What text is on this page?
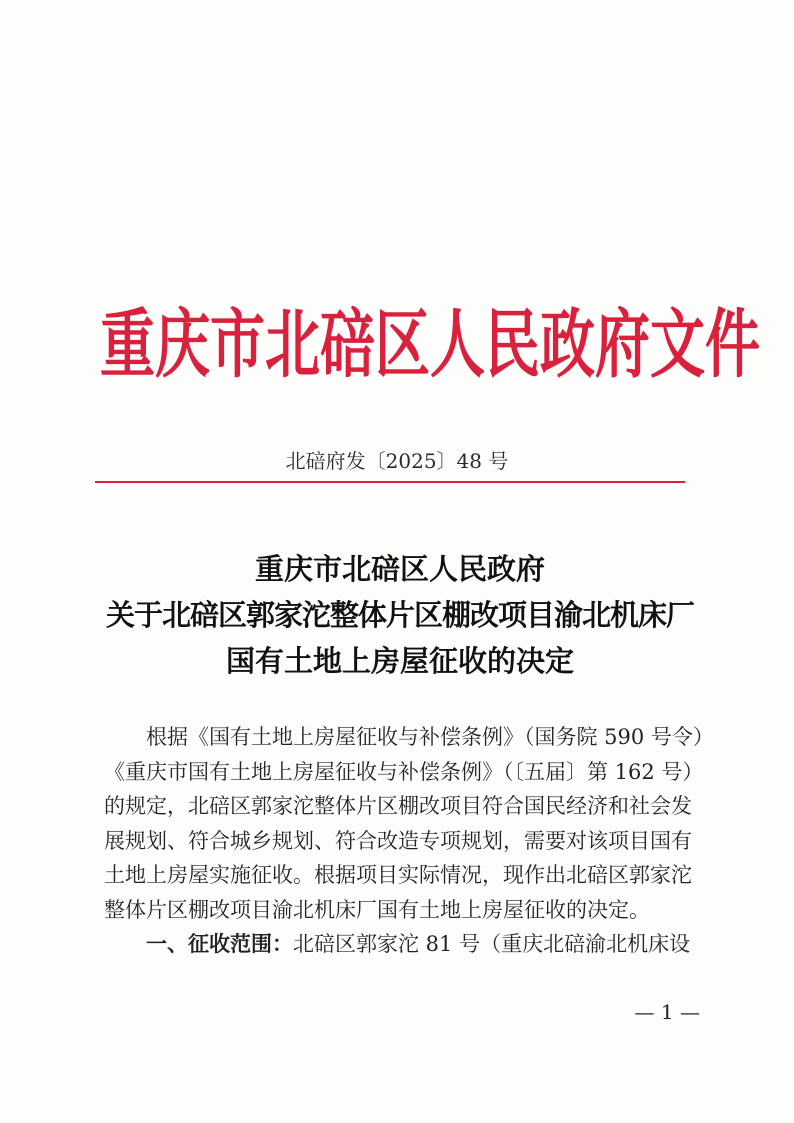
重庆市北碚区人民政府文件
北碚府发〔2025〕48 号
重庆市北碚区人民政府
关于北碚区郭家沱整体片区棚改项目渝北机床厂
国有土地上房屋征收的决定
根据《国有土地上房屋征收与补偿条例》（国务院 590 号令）
《重庆市国有土地上房屋征收与补偿条例》（〔五届〕第 162 号）
的规定，北碚区郭家沱整体片区棚改项目符合国民经济和社会发
展规划、符合城乡规划、符合改造专项规划，需要对该项目国有
土地上房屋实施征收。根据项目实际情况，现作出北碚区郭家沱
整体片区棚改项目渝北机床厂国有土地上房屋征收的决定。
一、征收范围：北碚区郭家沱 81 号（重庆北碚渝北机床设
— 1 —
